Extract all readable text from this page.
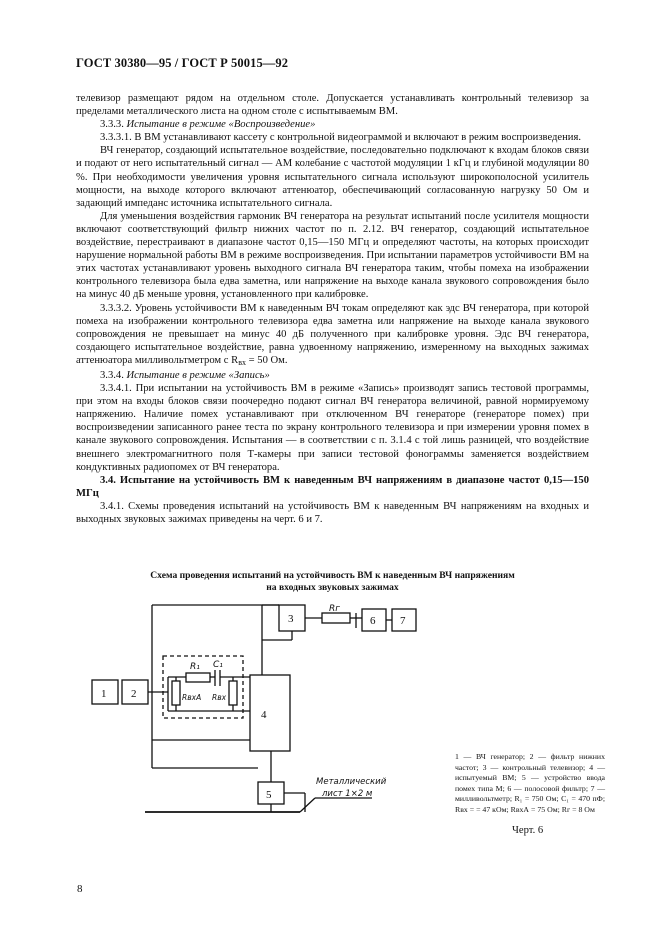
ГОСТ 30380—95 / ГОСТ Р 50015—92

телевизор размещают рядом на отдельном столе. Допускается устанавливать контрольный телевизор за пределами металлического листа на одном столе с испытываемым ВМ.

3.3.3. Испытание в режиме «Воспроизведение»

3.3.3.1. В ВМ устанавливают кассету с контрольной видеограммой и включают в режим воспроизведения.

ВЧ генератор, создающий испытательное воздействие, последовательно подключают к входам блоков связи и подают от него испытательный сигнал — АМ колебание с частотой модуляции 1 кГц и глубиной модуляции 80 %. При необходимости увеличения уровня испытательного сигнала используют широкополосной усилитель мощности, на выходе которого включают аттенюатор, обеспечивающий согласованную нагрузку 50 Ом и задающий импеданс источника испытательного сигнала.

Для уменьшения воздействия гармоник ВЧ генератора на результат испытаний после усилителя мощности включают соответствующий фильтр нижних частот по п. 2.12. ВЧ генератор, создающий испытательное воздействие, перестраивают в диапазоне частот 0,15—150 МГц и определяют частоты, на которых происходит нарушение нормальной работы ВМ в режиме воспроизведения. При испытании параметров устойчивости ВМ на этих частотах устанавливают уровень выходного сигнала ВЧ генератора таким, чтобы помеха на изображении контрольного телевизора была едва заметна, или напряжение на выходе канала звукового сопровождения было на минус 40 дБ меньше уровня, установленного при калибровке.

3.3.3.2. Уровень устойчивости ВМ к наведенным ВЧ токам определяют как эдс ВЧ генератора, при которой помеха на изображении контрольного телевизора едва заметна или напряжение на выходе канала звукового сопровождения не превышает на минус 40 дБ полученного при калибровке уровня. Эдс ВЧ генератора, создающего испытательное воздействие, равна удвоенному напряжению, измеренному на выходных зажимах аттенюатора милливольтметром с $R_{вх} = 50$ Ом.

3.3.4. Испытание в режиме «Запись»

3.3.4.1. При испытании на устойчивость ВМ в режиме «Запись» производят запись тестовой программы, при этом на входы блоков связи поочередно подают сигнал ВЧ генератора величиной, равной нормируемому напряжению. Наличие помех устанавливают при отключенном ВЧ генераторе (генераторе помех) при воспроизведении записанного ранее теста по экрану контрольного телевизора и при измерении уровня помех в канале звукового сопровождения. Испытания — в соответствии с п. 3.1.4 с той лишь разницей, что воздействие внешнего электромагнитного поля Т-камеры при записи тестовой фонограммы заменяется воздействием кондуктивных радиопомех от ВЧ генератора.

3.4. Испытание на устойчивость ВМ к наведенным ВЧ напряжениям в диапазоне частот 0,15—150 МГц

3.4.1. Схемы проведения испытаний на устойчивость ВМ к наведенным ВЧ напряжениям на входных и выходных звуковых зажимах приведены на черт. 6 и 7.

Схема проведения испытаний на устойчивость ВМ к наведенным ВЧ напряжениям
на входных звуковых зажимах
1 2
3
4
5
6 7
R₁ C₁
RвхА Rвх
Rг
Металлический
лист 1×2 м
1 — ВЧ генератор; 2 — фильтр нижних частот; 3 — контрольный телевизор; 4 — испытуемый ВМ; 5 — устройство ввода помех типа М; 6 — полосовой фильтр; 7 — милливольтметр; R₁ = 750 Ом; C₁ = 470 пФ; Rвх = = 47 кОм; RвхА = 75 Ом; Rг = 8 Ом
Черт. 6
8
